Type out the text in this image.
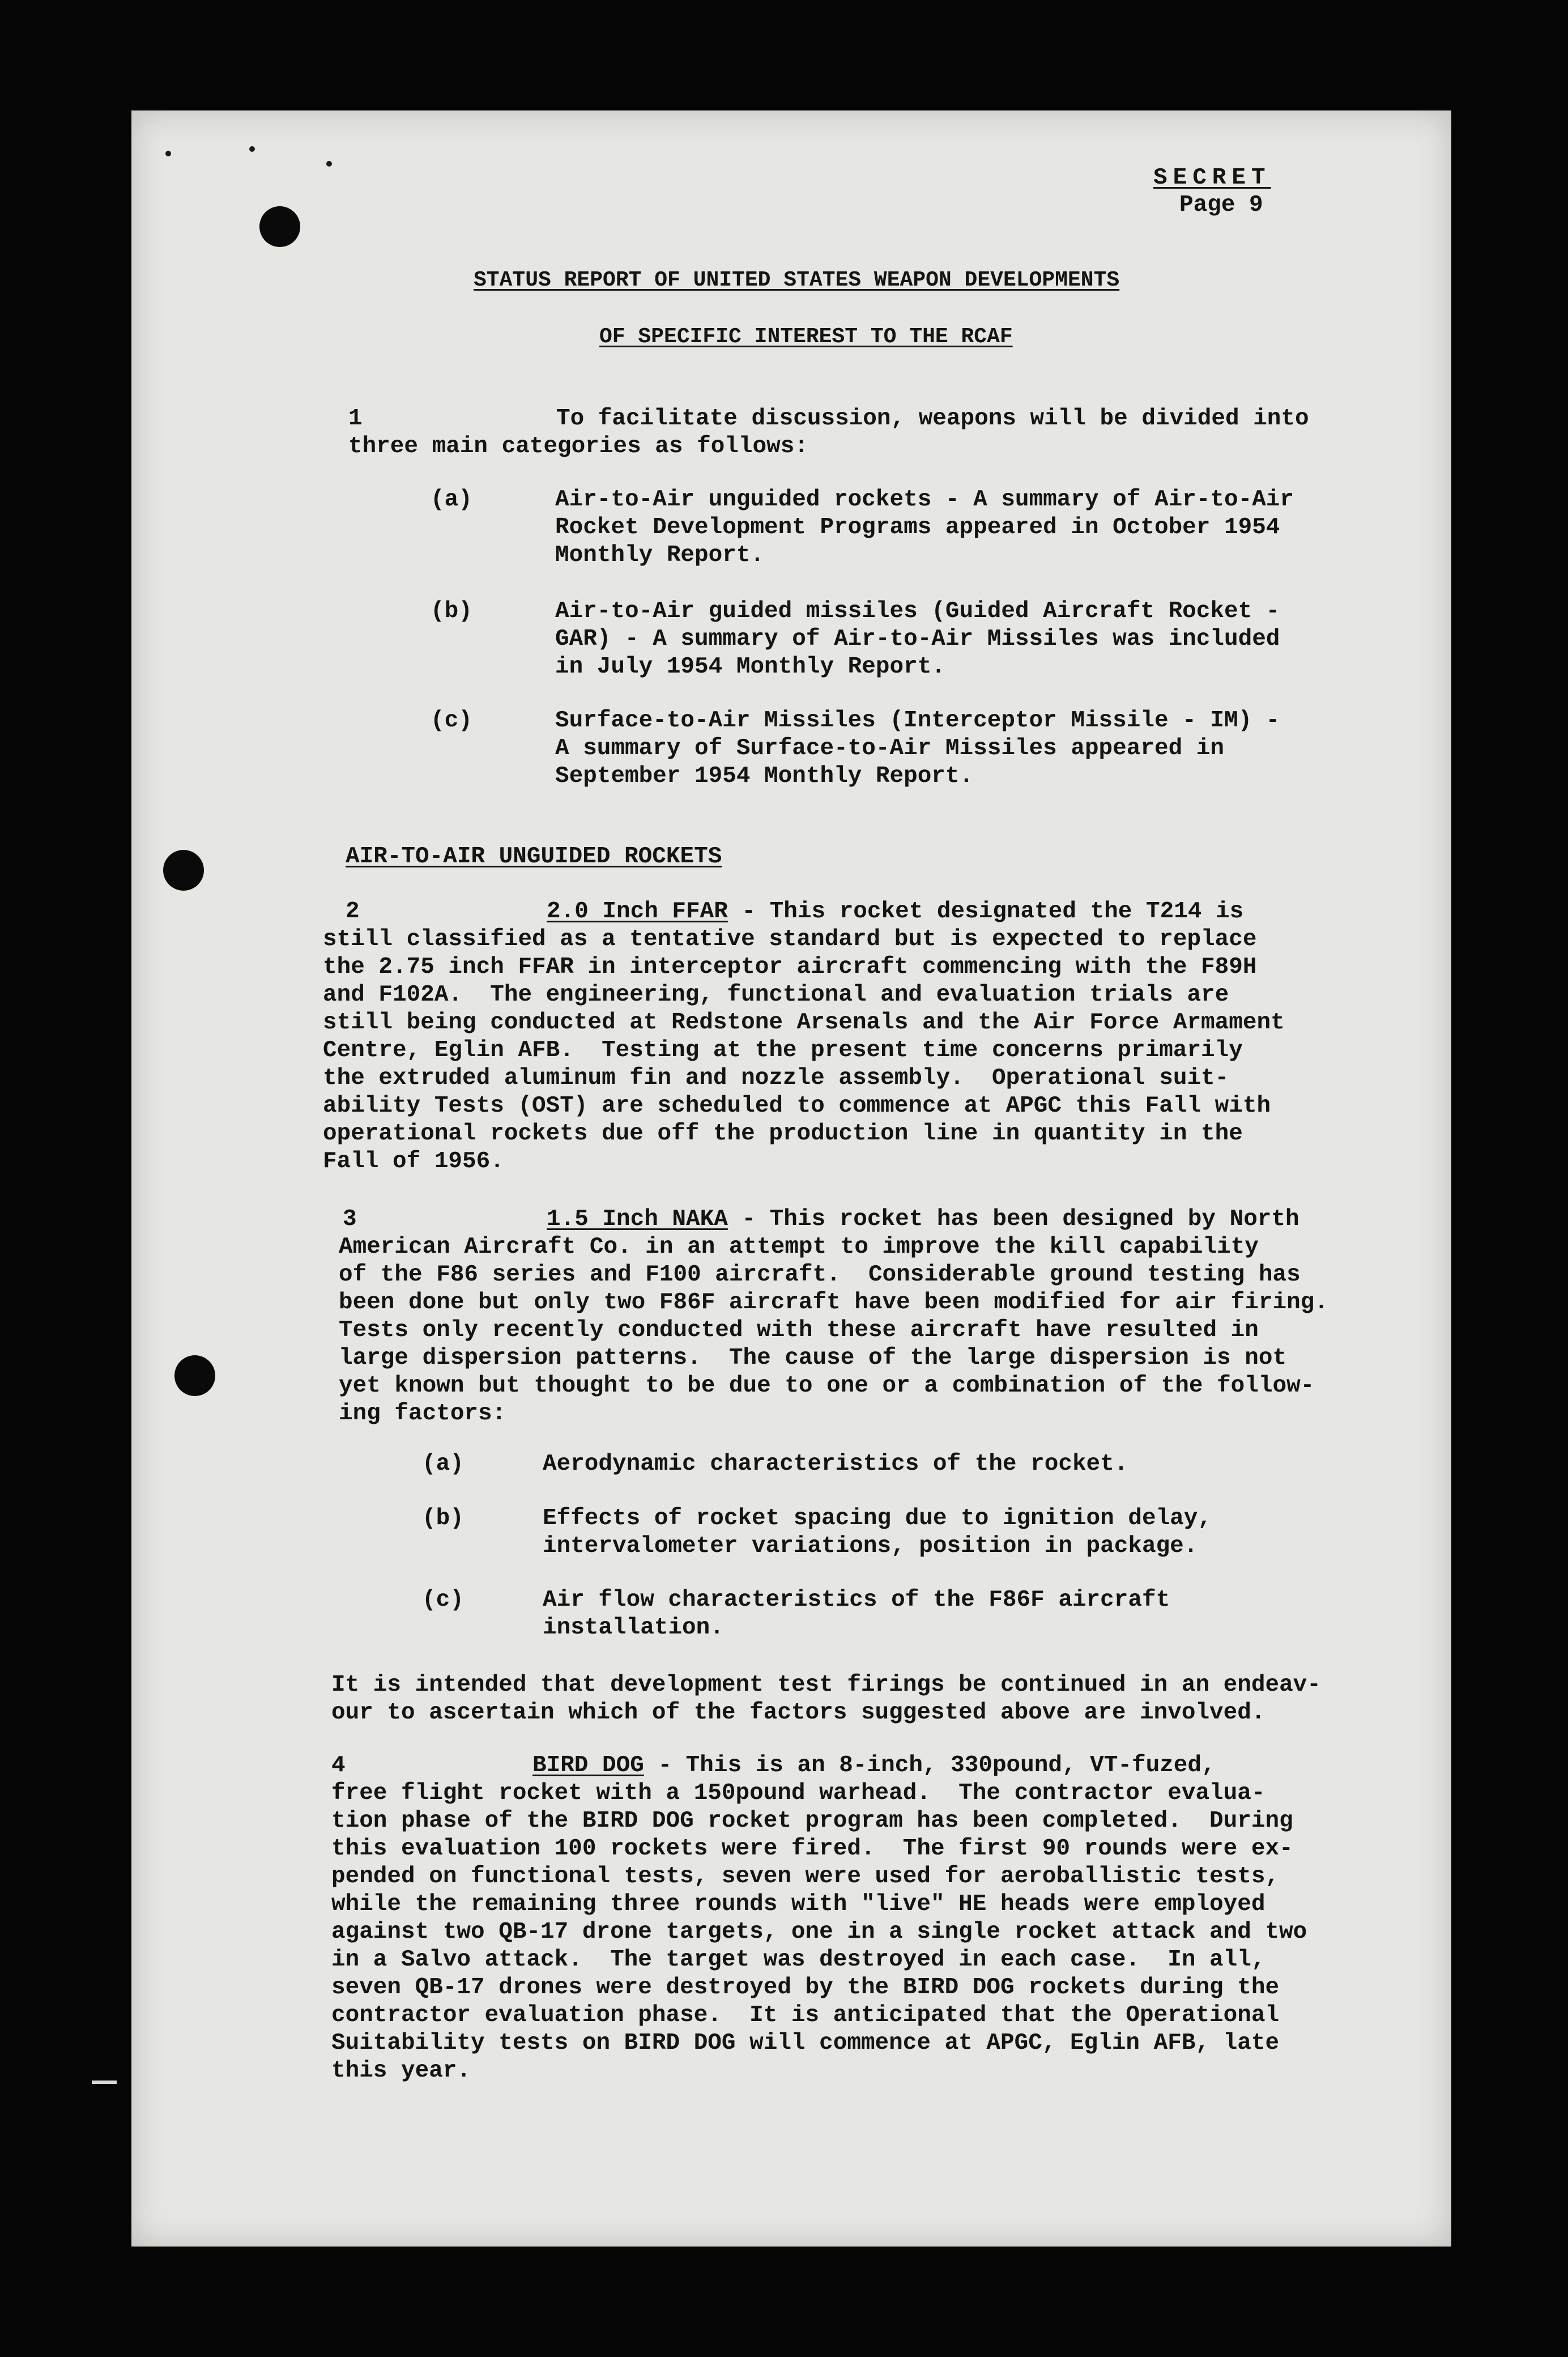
SECRET
Page 9
STATUS REPORT OF UNITED STATES WEAPON DEVELOPMENTS
OF SPECIFIC INTEREST TO THE RCAF
1	To facilitate discussion, weapons will be divided into
three main categories as follows:
(a)	Air-to-Air unguided rockets - A summary of Air-to-Air
Rocket Development Programs appeared in October 1954
Monthly Report.
(b)	Air-to-Air guided missiles (Guided Aircraft Rocket -
GAR) - A summary of Air-to-Air Missiles was included
in July 1954 Monthly Report.
(c)	Surface-to-Air Missiles (Interceptor Missile - IM) -
A summary of Surface-to-Air Missiles appeared in
September 1954 Monthly Report.
AIR-TO-AIR UNGUIDED ROCKETS
2	2.0 Inch FFAR - This rocket designated the T214 is
still classified as a tentative standard but is expected to replace
the 2.75 inch FFAR in interceptor aircraft commencing with the F89H
and F102A.  The engineering, functional and evaluation trials are
still being conducted at Redstone Arsenals and the Air Force Armament
Centre, Eglin AFB.  Testing at the present time concerns primarily
the extruded aluminum fin and nozzle assembly.  Operational suit-
ability Tests (OST) are scheduled to commence at APGC this Fall with
operational rockets due off the production line in quantity in the
Fall of 1956.
3	1.5 Inch NAKA - This rocket has been designed by North
American Aircraft Co. in an attempt to improve the kill capability
of the F86 series and F100 aircraft.  Considerable ground testing has
been done but only two F86F aircraft have been modified for air firing.
Tests only recently conducted with these aircraft have resulted in
large dispersion patterns.  The cause of the large dispersion is not
yet known but thought to be due to one or a combination of the follow-
ing factors:
(a)	Aerodynamic characteristics of the rocket.
(b)	Effects of rocket spacing due to ignition delay,
intervalometer variations, position in package.
(c)	Air flow characteristics of the F86F aircraft
installation.
It is intended that development test firings be continued in an endeav-
our to ascertain which of the factors suggested above are involved.
4	BIRD DOG - This is an 8-inch, 330pound, VT-fuzed,
free flight rocket with a 150pound warhead.  The contractor evalua-
tion phase of the BIRD DOG rocket program has been completed.  During
this evaluation 100 rockets were fired.  The first 90 rounds were ex-
pended on functional tests, seven were used for aeroballistic tests,
while the remaining three rounds with "live" HE heads were employed
against two QB-17 drone targets, one in a single rocket attack and two
in a Salvo attack.  The target was destroyed in each case.  In all,
seven QB-17 drones were destroyed by the BIRD DOG rockets during the
contractor evaluation phase.  It is anticipated that the Operational
Suitability tests on BIRD DOG will commence at APGC, Eglin AFB, late
this year.
